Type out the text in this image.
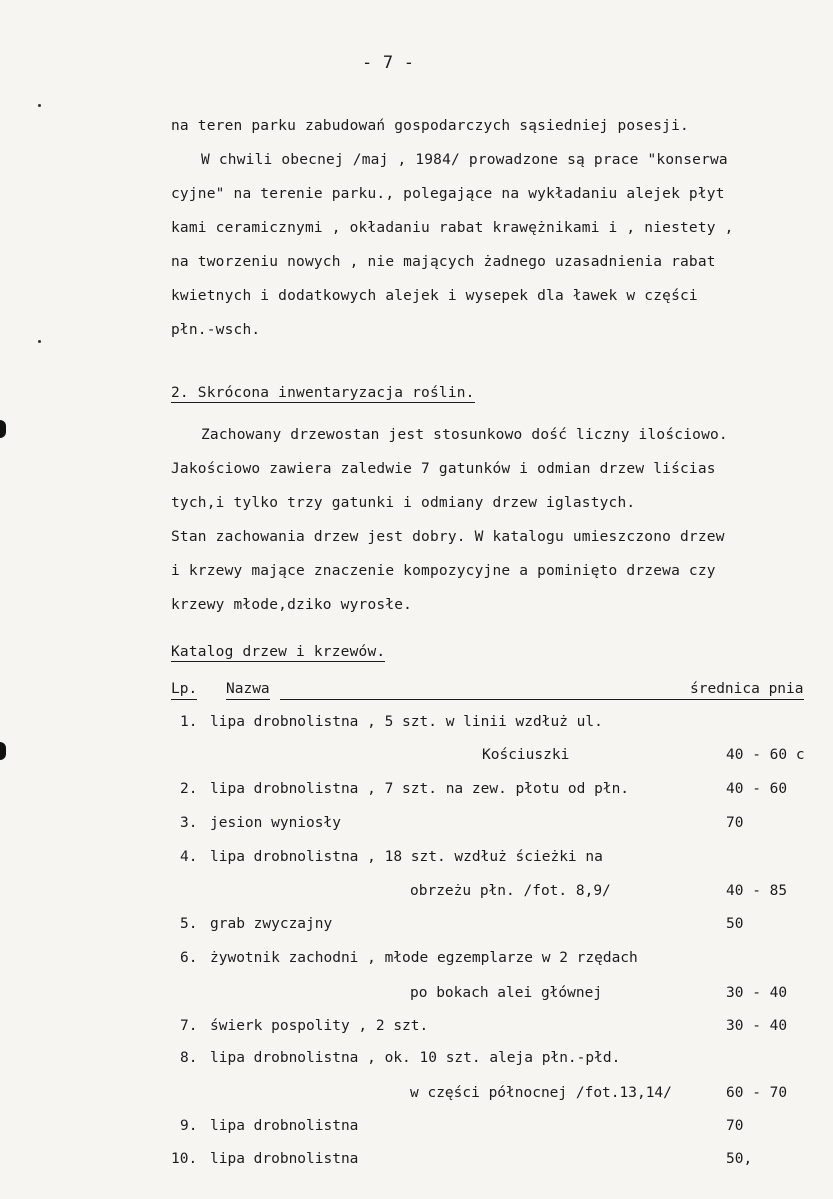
- 7 -
na teren parku zabudowań gospodarczych sąsiedniej posesji.
W chwili obecnej /maj , 1984/ prowadzone są prace "konserwa
cyjne" na terenie parku., polegające na wykładaniu alejek płyt
kami ceramicznymi , okładaniu rabat krawężnikami i , niestety ,
na tworzeniu nowych , nie mających żadnego uzasadnienia rabat
kwietnych i dodatkowych alejek i wysepek dla ławek w części
płn.-wsch.
2. Skrócona inwentaryzacja roślin.
Zachowany drzewostan jest stosunkowo dość liczny ilościowo.
Jakościowo zawiera zaledwie 7 gatunków i odmian drzew liścias
tych,i tylko trzy gatunki i odmiany drzew iglastych.
Stan zachowania drzew jest dobry. W katalogu umieszczono drzew
i krzewy mające znaczenie kompozycyjne a pominięto drzewa czy
krzewy młode,dziko wyrosłe.
Katalog drzew i krzewów.
Lp. Nazwa	średnica pnia
1. lipa drobnolistna , 5 szt. w linii wzdłuż ul.
Kościuszki	40 - 60 c
2. lipa drobnolistna , 7 szt. na zew. płotu od płn.	40 - 60
3. jesion wyniosły	70
4. lipa drobnolistna , 18 szt. wzdłuż ścieżki na
obrzeżu płn. /fot. 8,9/	40 - 85
5. grab zwyczajny	50
6. żywotnik zachodni , młode egzemplarze w 2 rzędach
po bokach alei głównej	30 - 40
7. świerk pospolity , 2 szt.	30 - 40
8. lipa drobnolistna , ok. 10 szt. aleja płn.-płd.
w części północnej /fot.13,14/	60 - 70
9. lipa drobnolistna	70
10. lipa drobnolistna	50,
